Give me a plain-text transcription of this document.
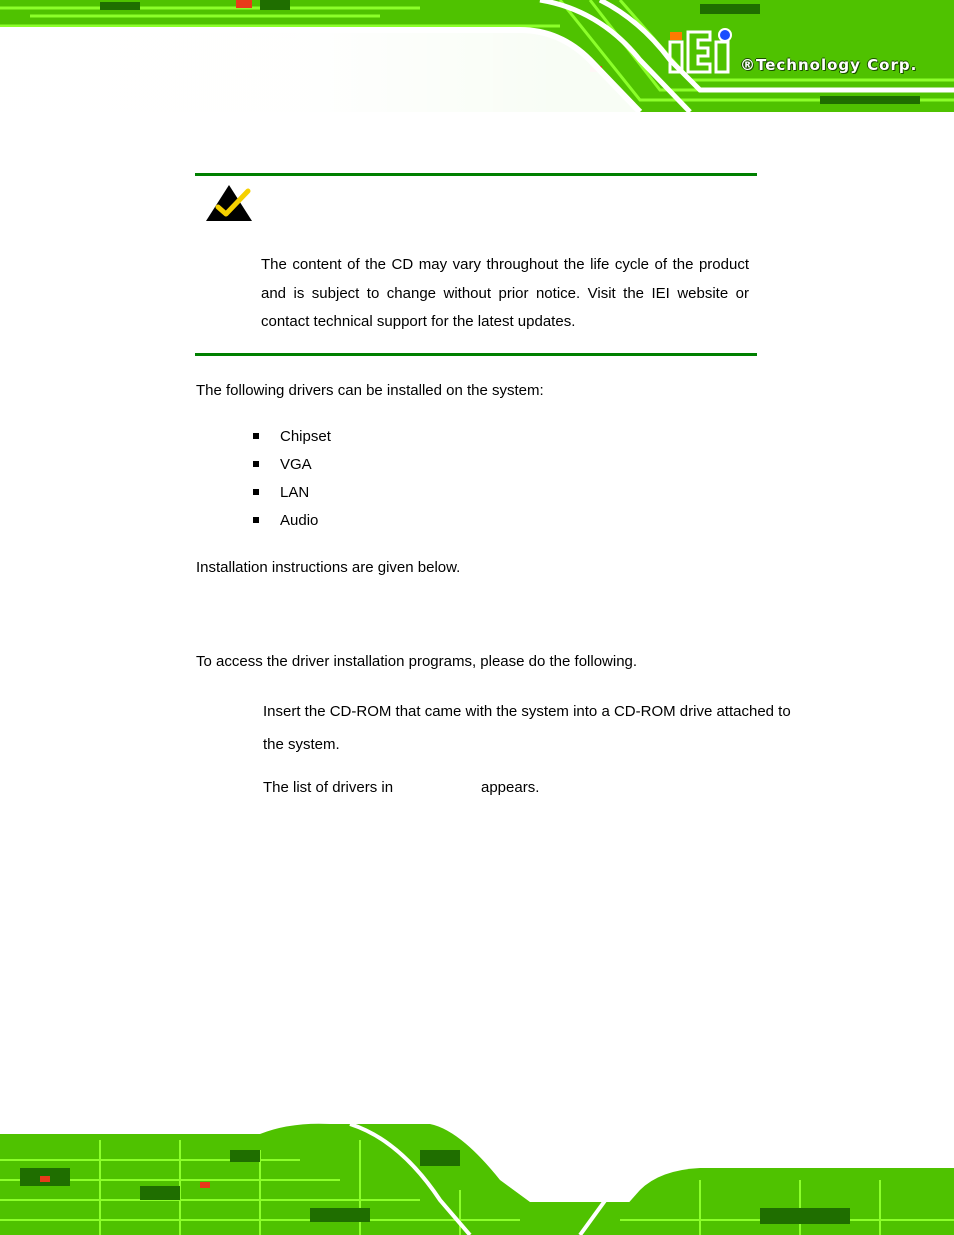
®Technology Corp.
The content of the CD may vary throughout the life cycle of the product and is subject to change without prior notice. Visit the IEI website or contact technical support for the latest updates.
The following drivers can be installed on the system:
Chipset
VGA
LAN
Audio
Installation instructions are given below.
To access the driver installation programs, please do the following.
Insert the CD-ROM that came with the system into a CD-ROM drive attached to
the system.
The list of drivers in	appears.
